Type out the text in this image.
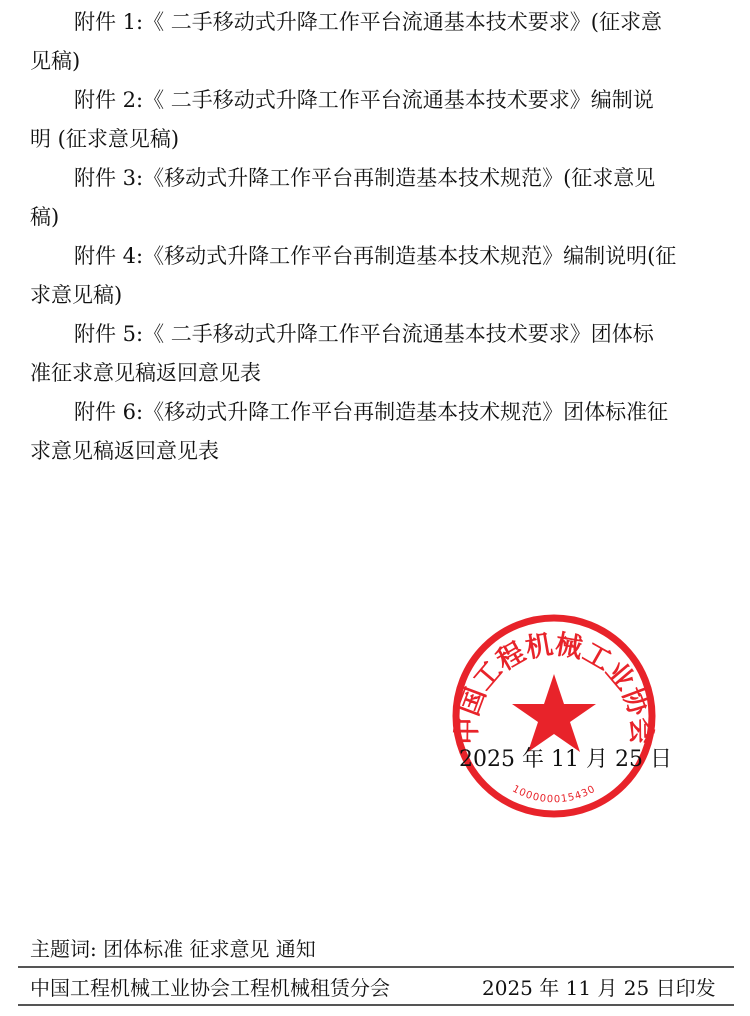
附件 1:《 二手移动式升降工作平台流通基本技术要求》(征求意
见稿)
附件 2:《 二手移动式升降工作平台流通基本技术要求》编制说
明 (征求意见稿)
附件 3:《移动式升降工作平台再制造基本技术规范》(征求意见
稿)
附件 4:《移动式升降工作平台再制造基本技术规范》编制说明(征
求意见稿)
附件 5:《 二手移动式升降工作平台流通基本技术要求》团体标
准征求意见稿返回意见表
附件 6:《移动式升降工作平台再制造基本技术规范》团体标准征
求意见稿返回意见表
中国工程机械工业协会
100000015430
2025 年 11 月 25 日
主题词: 团体标准 征求意见 通知
中国工程机械工业协会工程机械租赁分会	2025 年 11 月 25 日印发
